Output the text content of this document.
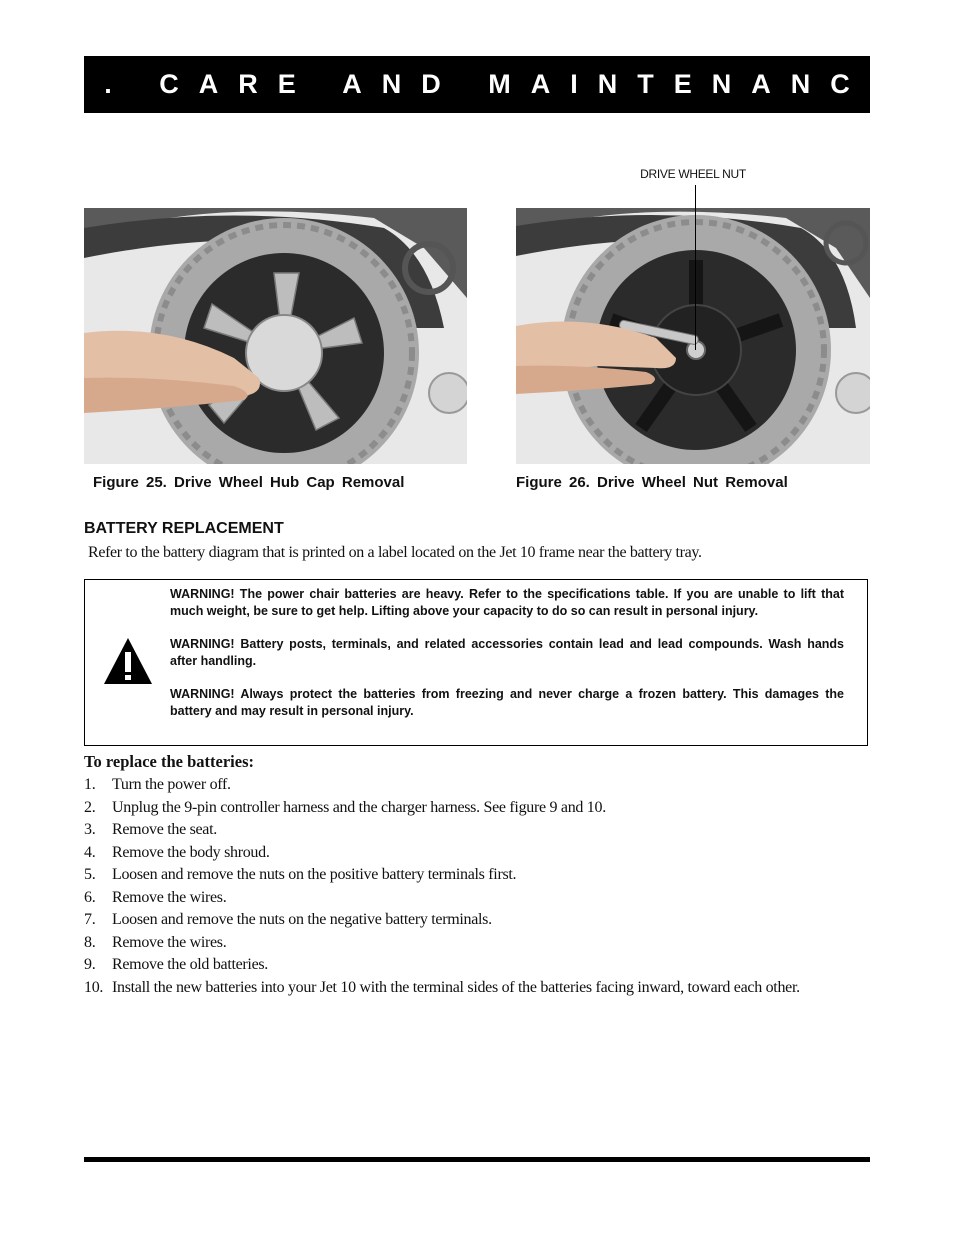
X. CARE AND MAINTENANCE
DRIVE WHEEL NUT
Figure 25. Drive Wheel Hub Cap Removal	Figure 26. Drive Wheel Nut Removal
BATTERY REPLACEMENT
Refer to the battery diagram that is printed on a label located on the Jet 10 frame near the battery tray.

WARNING! The power chair batteries are heavy. Refer to the specifications table. If you are unable to lift that much weight, be sure to get help. Lifting above your capacity to do so can result in personal injury.

WARNING! Battery posts, terminals, and related accessories contain lead and lead compounds. Wash hands after handling.

WARNING! Always protect the batteries from freezing and never charge a frozen battery. This damages the battery and may result in personal injury.

To replace the batteries:
1. Turn the power off.
2. Unplug the 9-pin controller harness and the charger harness. See figure 9 and 10.
3. Remove the seat.
4. Remove the body shroud.
5. Loosen and remove the nuts on the positive battery terminals first.
6. Remove the wires.
7. Loosen and remove the nuts on the negative battery terminals.
8. Remove the wires.
9. Remove the old batteries.
10. Install the new batteries into your Jet 10 with the terminal sides of the batteries facing inward, toward each other.
